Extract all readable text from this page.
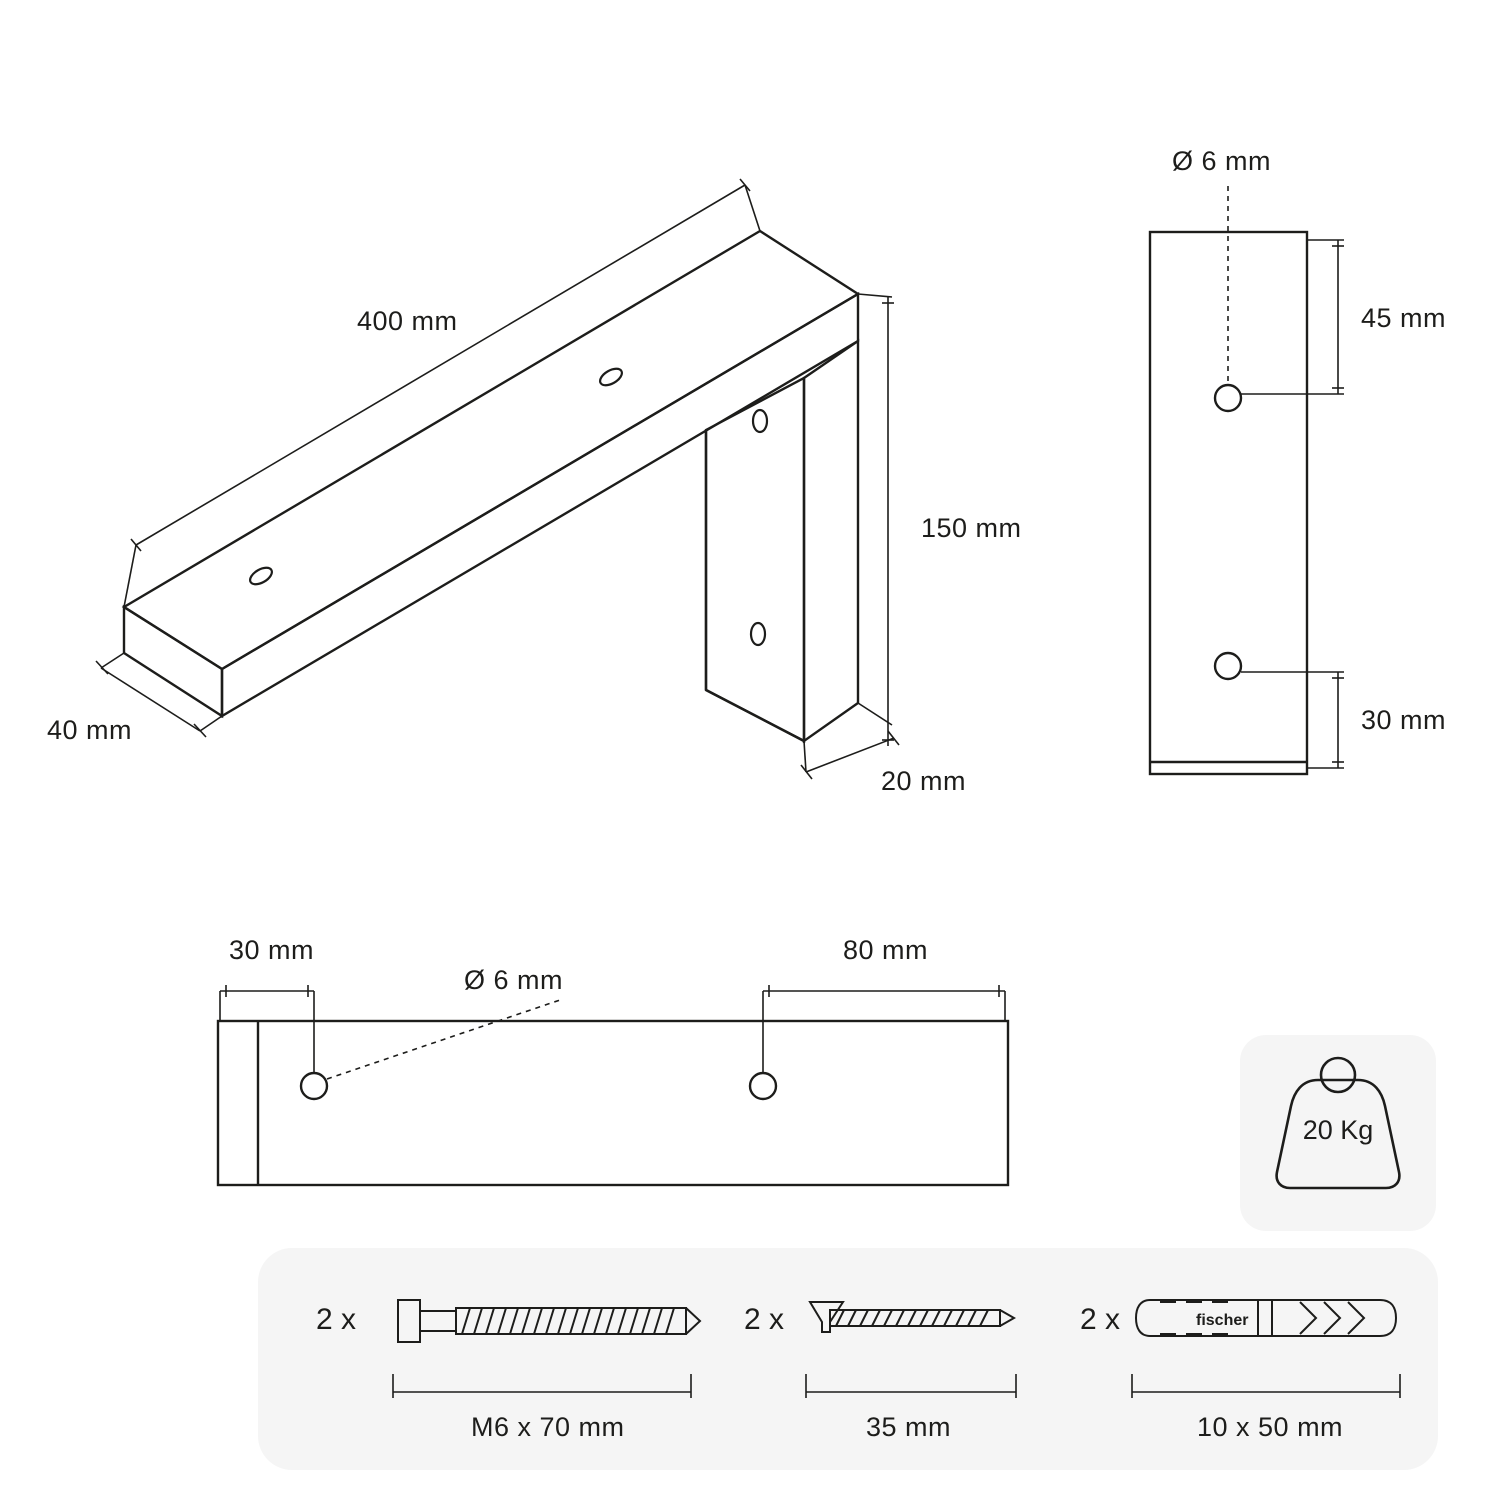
fischer
400 mm
150 mm
40 mm
20 mm
Ø 6 mm
45 mm
30 mm
30 mm
Ø 6 mm
80 mm
20 Kg
2 x
M6 x 70 mm
2 x
35 mm
2 x
10 x 50 mm
